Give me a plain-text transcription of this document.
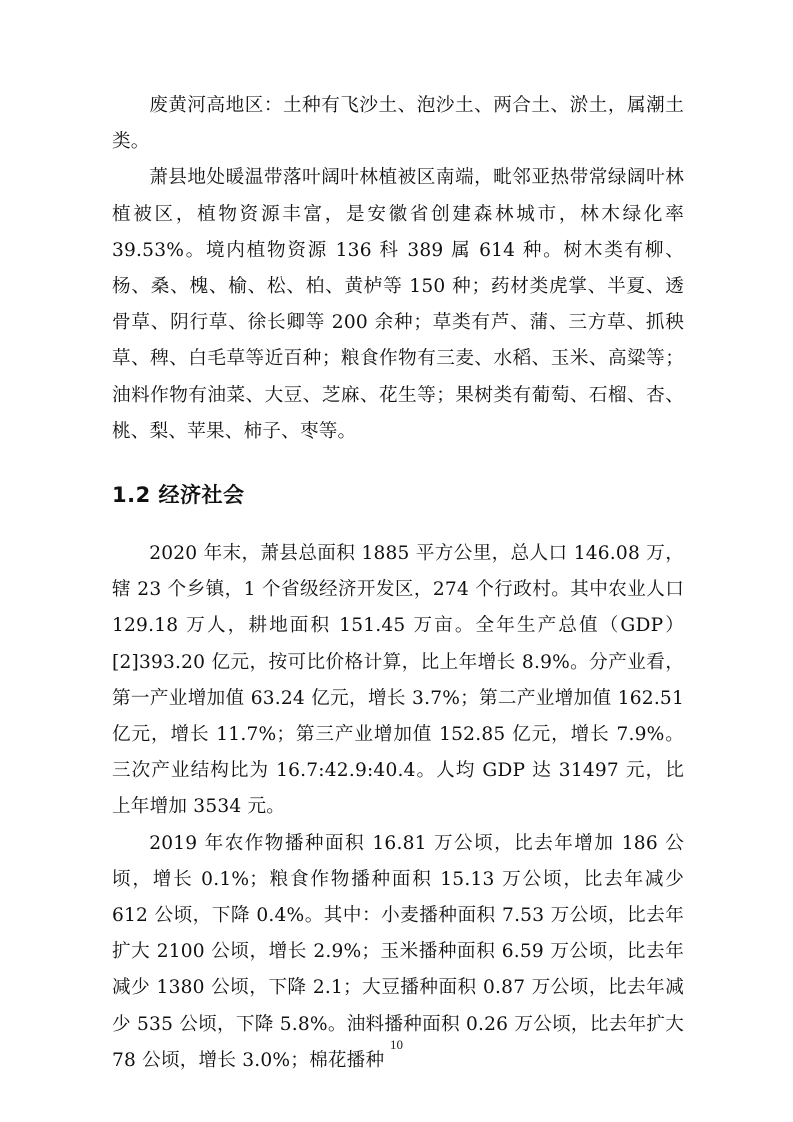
废黄河高地区：土种有飞沙土、泡沙土、两合土、淤土，属潮土类。

萧县地处暖温带落叶阔叶林植被区南端，毗邻亚热带常绿阔叶林植被区，植物资源丰富，是安徽省创建森林城市，林木绿化率 39.53%。境内植物资源 136 科 389 属 614 种。树木类有柳、杨、桑、槐、榆、松、柏、黄栌等 150 种；药材类虎掌、半夏、透骨草、阴行草、徐长卿等 200 余种；草类有芦、蒲、三方草、抓秧草、稗、白毛草等近百种；粮食作物有三麦、水稻、玉米、高粱等；油料作物有油菜、大豆、芝麻、花生等；果树类有葡萄、石榴、杏、桃、梨、苹果、柿子、枣等。

1.2 经济社会

2020 年末，萧县总面积 1885 平方公里，总人口 146.08 万，辖 23 个乡镇，1 个省级经济开发区，274 个行政村。其中农业人口 129.18 万人，耕地面积 151.45 万亩。全年生产总值（GDP）[2]393.20 亿元，按可比价格计算，比上年增长 8.9%。分产业看，第一产业增加值 63.24 亿元，增长 3.7%；第二产业增加值 162.51 亿元，增长 11.7%；第三产业增加值 152.85 亿元，增长 7.9%。三次产业结构比为 16.7:42.9:40.4。人均 GDP 达 31497 元，比上年增加 3534 元。

2019 年农作物播种面积 16.81 万公顷，比去年增加 186 公顷，增长 0.1%；粮食作物播种面积 15.13 万公顷，比去年减少 612 公顷，下降 0.4%。其中：小麦播种面积 7.53 万公顷，比去年扩大 2100 公顷，增长 2.9%；玉米播种面积 6.59 万公顷，比去年减少 1380 公顷，下降 2.1；大豆播种面积 0.87 万公顷，比去年减少 535 公顷，下降 5.8%。油料播种面积 0.26 万公顷，比去年扩大 78 公顷，增长 3.0%；棉花播种

10
